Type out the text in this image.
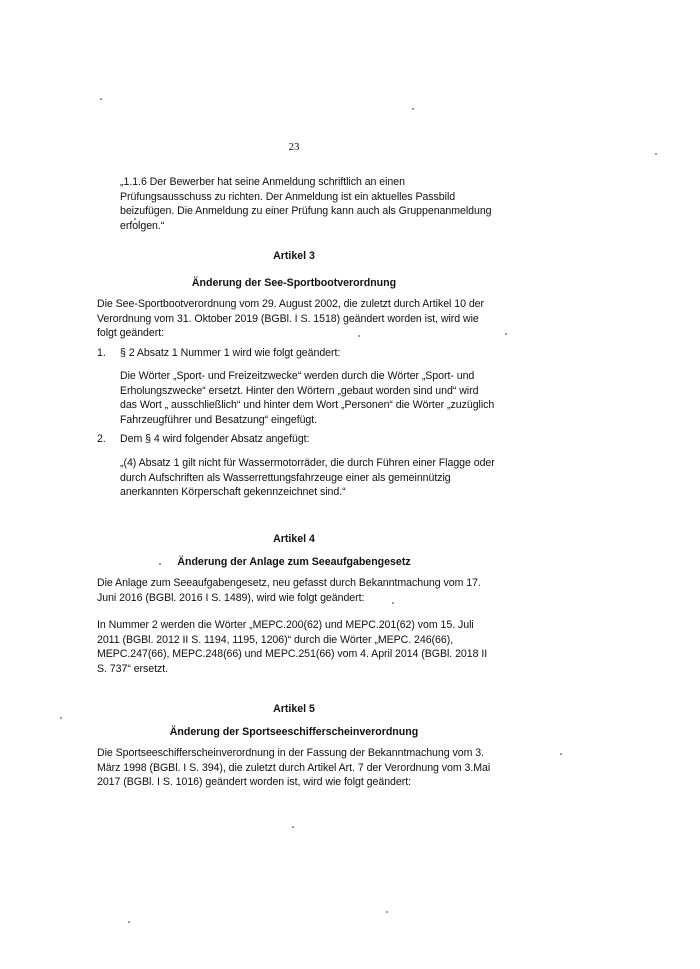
23

„1.1.6 Der Bewerber hat seine Anmeldung schriftlich an einen Prüfungsausschuss zu richten. Der Anmeldung ist ein aktuelles Passbild beizufügen. Die Anmeldung zu einer Prüfung kann auch als Gruppenanmeldung erfolgen.“

Artikel 3

Änderung der See-Sportbootverordnung

Die See-Sportbootverordnung vom 29. August 2002, die zuletzt durch Artikel 10 der Verordnung vom 31. Oktober 2019 (BGBl. I S. 1518) geändert worden ist, wird wie folgt geändert:

1. § 2 Absatz 1 Nummer 1 wird wie folgt geändert:

Die Wörter „Sport- und Freizeitzwecke“ werden durch die Wörter „Sport- und Erholungszwecke“ ersetzt. Hinter den Wörtern „gebaut worden sind und“ wird das Wort „ ausschließlich“ und hinter dem Wort „Personen“ die Wörter „zuzüglich Fahrzeugführer und Besatzung“ eingefügt.

2. Dem § 4 wird folgender Absatz angefügt:

„(4) Absatz 1 gilt nicht für Wassermotorräder, die durch Führen einer Flagge oder durch Aufschriften als Wasserrettungsfahrzeuge einer als gemeinnützig anerkannten Körperschaft gekennzeichnet sind.“

Artikel 4

Änderung der Anlage zum Seeaufgabengesetz

Die Anlage zum Seeaufgabengesetz, neu gefasst durch Bekanntmachung vom 17. Juni 2016 (BGBl. 2016 I S. 1489), wird wie folgt geändert:

In Nummer 2 werden die Wörter „MEPC.200(62) und MEPC.201(62) vom 15. Juli 2011 (BGBl. 2012 II S. 1194, 1195, 1206)“ durch die Wörter „MEPC. 246(66), MEPC.247(66), MEPC.248(66) und MEPC.251(66) vom 4. April 2014 (BGBl. 2018 II S. 737“ ersetzt.

Artikel 5

Änderung der Sportseeschifferscheinverordnung

Die Sportseeschifferscheinverordnung in der Fassung der Bekanntmachung vom 3. März 1998 (BGBl. I S. 394), die zuletzt durch Artikel Art. 7 der Verordnung vom 3.Mai 2017 (BGBl. I S. 1016) geändert worden ist, wird wie folgt geändert:
